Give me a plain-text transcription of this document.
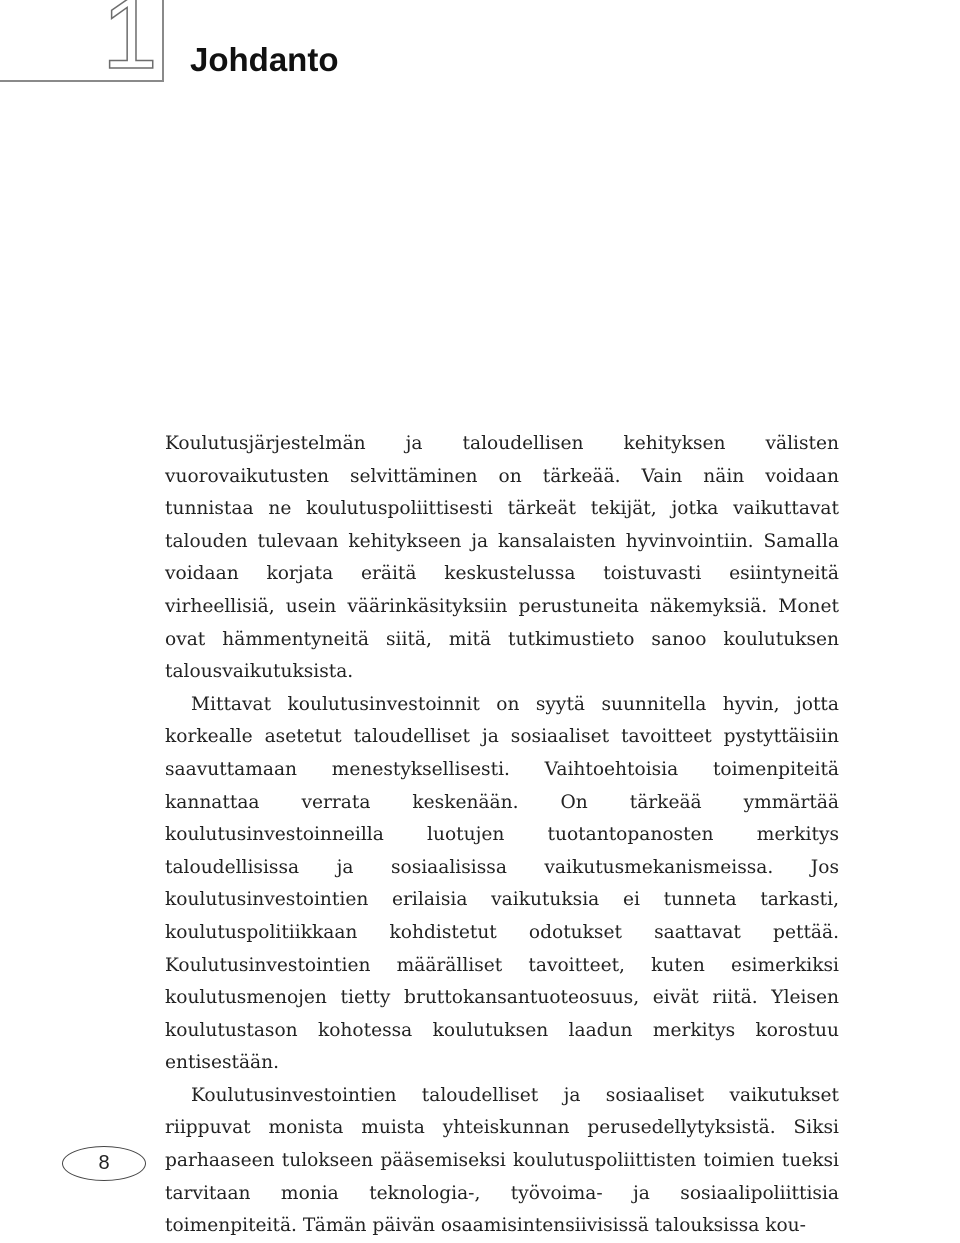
1 Johdanto

Koulutusjärjestelmän ja taloudellisen kehityksen välisten vuorovaikutusten selvittäminen on tärkeää. Vain näin voidaan tunnistaa ne koulutuspoliittisesti tärkeät tekijät, jotka vaikuttavat talouden tulevaan kehitykseen ja kansalaisten hyvinvointiin. Samalla voidaan korjata eräitä keskustelussa toistuvasti esiintyneitä virheellisiä, usein väärinkäsityksiin perustuneita näkemyksiä. Monet ovat hämmentyneitä siitä, mitä tutkimustieto sanoo koulutuksen talousvaikutuksista.

Mittavat koulutusinvestoinnit on syytä suunnitella hyvin, jotta korkealle asetetut taloudelliset ja sosiaaliset tavoitteet pystyttäisiin saavuttamaan menestyksellisesti. Vaihtoehtoisia toimenpiteitä kannattaa verrata keskenään. On tärkeää ymmärtää koulutusinvestoinneilla luotujen tuotantopanosten merkitys taloudellisissa ja sosiaalisissa vaikutusmekanismeissa. Jos koulutusinvestointien erilaisia vaikutuksia ei tunneta tarkasti, koulutuspolitiikkaan kohdistetut odotukset saattavat pettää. Koulutusinvestointien määrälliset tavoitteet, kuten esimerkiksi koulutusmenojen tietty bruttokansantuoteosuus, eivät riitä. Yleisen koulutustason kohotessa koulutuksen laadun merkitys korostuu entisestään.

Koulutusinvestointien taloudelliset ja sosiaaliset vaikutukset riippuvat monista muista yhteiskunnan perusedellytyksistä. Siksi parhaaseen tulokseen pääsemiseksi koulutuspoliittisten toimien tueksi tarvitaan monia teknologia-, työvoima- ja sosiaalipoliittisia toimenpiteitä. Tämän päivän osaamisintensiivisissä talouksissa kou-

8
